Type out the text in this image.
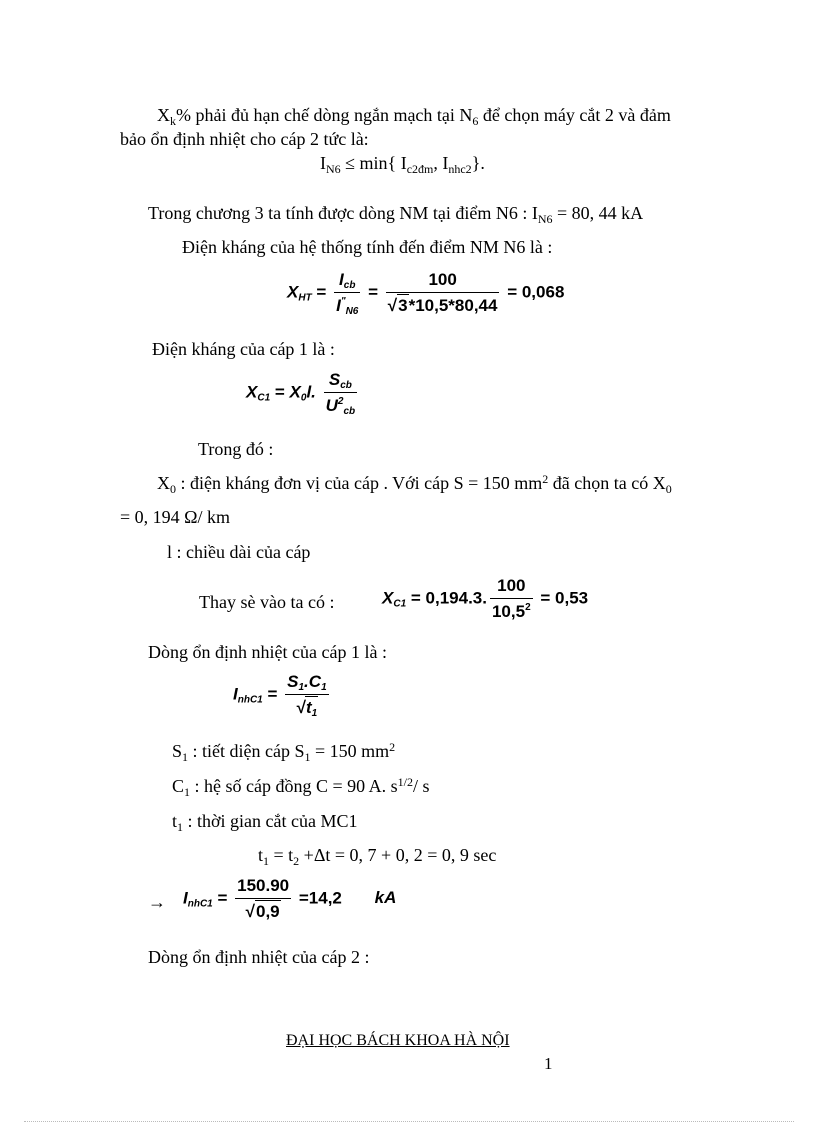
$X_k\%$ phải đủ hạn chế dòng ngắn mạch tại $N_6$ để chọn máy cắt 2 và đảm
bảo ổn định nhiệt cho cáp 2 tức là:
$I_{N6} \le \min${ $I_{c2đm}$, $I_{nhc2}$}.
Trong chương 3 ta tính được dòng NM tại điểm N6 : $I_{N6} = 80$, 44 kA
Điện kháng của hệ thống tính đến điểm NM N6 là :
$X_{HT} = \frac{I_{cb}}{I^"_{N6}} = \frac{100}{√3*10,5*80,44} = 0,068$
Điện kháng của cáp 1 là :
$X_{C1} = X_0l$. $\frac{S_{cb}}{U^2_{cb}}$
Trong đó :
$X_0$ : điện kháng đơn vị của cáp . Với cáp S = 150 $mm^2$ đã chọn ta có $X_0$
= 0, 194 Ω/ km
l : chiều dài của cáp
Thay sè vào ta có :	$X_{C1} = 0,194.3$. $\frac{100}{10,5^2} = 0,53$
Dòng ổn định nhiệt của cáp 1 là :
$I_{nhC1} = \frac{S_1.C_1}{√t_1}$
$S_1$ : tiết diện cáp $S_1 = 150$ $mm^2$
$C_1$ : hệ số cáp đồng C = 90 A. $s^{1/2}/$ s
$t_1$ : thời gian cắt của MC1
$t_1 = t_2 +\Delta t = 0$, 7 + 0, 2 = 0, 9 sec
→ $I_{nhC1} = \frac{150.90}{√0,9} =14,2$ kA
Dòng ổn định nhiệt của cáp 2 :
ĐẠI HỌC BÁCH KHOA HÀ NỘI
1
